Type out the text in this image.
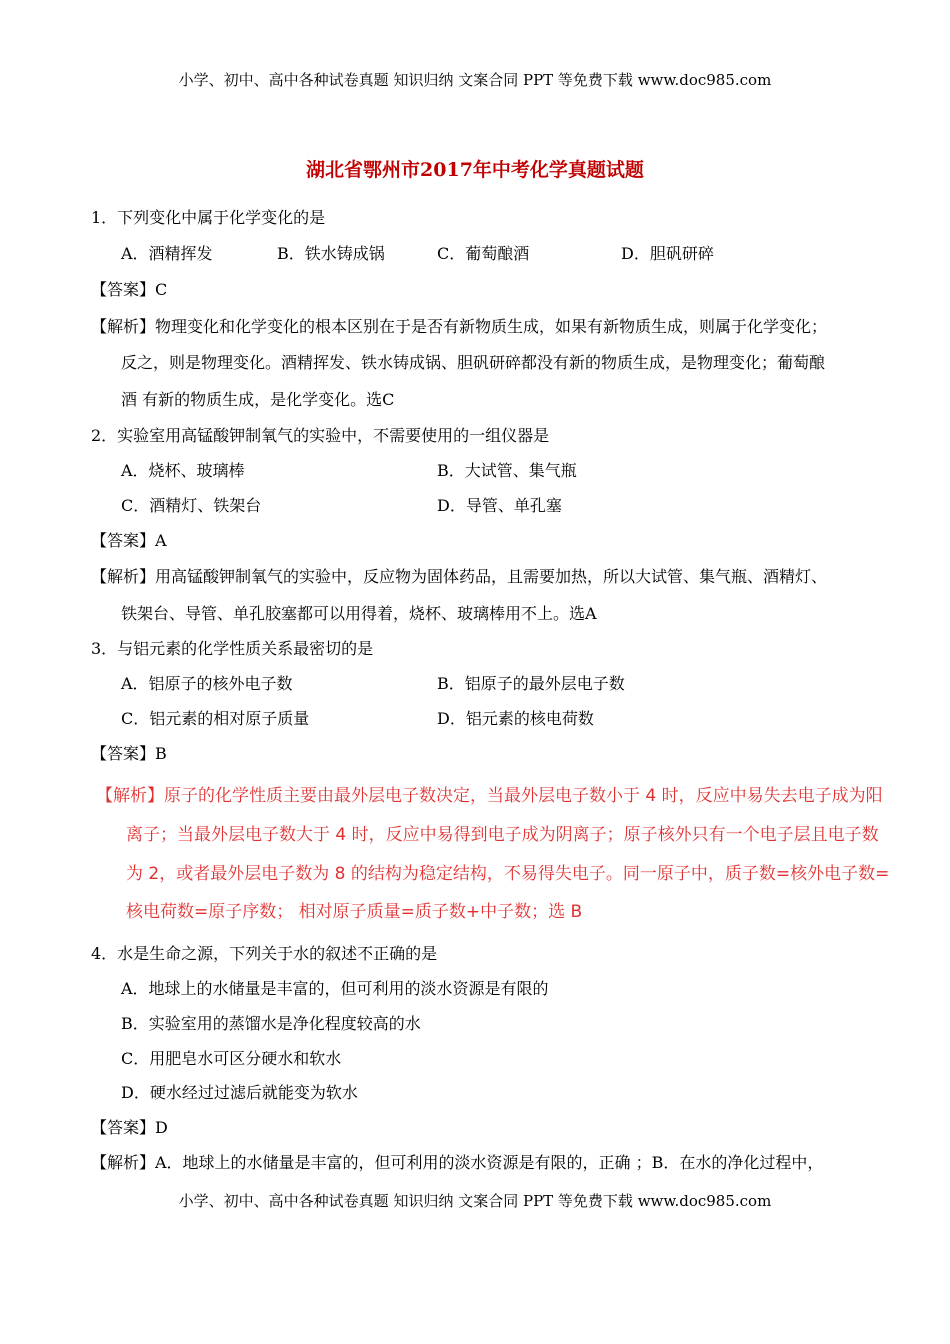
小学、初中、高中各种试卷真题 知识归纳 文案合同 PPT 等免费下载 www.doc985.com
湖北省鄂州市2017年中考化学真题试题
1．下列变化中属于化学变化的是
A．酒精挥发	B．铁水铸成锅	C．葡萄酿酒	D．胆矾研碎
【答案】C
【解析】物理变化和化学变化的根本区别在于是否有新物质生成，如果有新物质生成，则属于化学变化；
反之，则是物理变化。酒精挥发、铁水铸成锅、胆矾研碎都没有新的物质生成，是物理变化；葡萄酿
酒 有新的物质生成，是化学变化。选C
2．实验室用高锰酸钾制氧气的实验中，不需要使用的一组仪器是
A．烧杯、玻璃棒	B．大试管、集气瓶
C．酒精灯、铁架台	D．导管、单孔塞
【答案】A
【解析】用高锰酸钾制氧气的实验中，反应物为固体药品，且需要加热，所以大试管、集气瓶、酒精灯、
铁架台、导管、单孔胶塞都可以用得着，烧杯、玻璃棒用不上。选A
3．与铝元素的化学性质关系最密切的是
A．铝原子的核外电子数	B．铝原子的最外层电子数
C．铝元素的相对原子质量	D．铝元素的核电荷数
【答案】B
【解析】原子的化学性质主要由最外层电子数决定，当最外层电子数小于 4 时，反应中易失去电子成为阳
离子；当最外层电子数大于 4 时，反应中易得到电子成为阴离子；原子核外只有一个电子层且电子数
为 2，或者最外层电子数为 8 的结构为稳定结构，不易得失电子。同一原子中，质子数=核外电子数=
核电荷数=原子序数； 相对原子质量=质子数+中子数；选 B
4．水是生命之源，下列关于水的叙述不正确的是
A．地球上的水储量是丰富的，但可利用的淡水资源是有限的
B．实验室用的蒸馏水是净化程度较高的水
C．用肥皂水可区分硬水和软水
D．硬水经过过滤后就能变为软水
【答案】D
【解析】A．地球上的水储量是丰富的，但可利用的淡水资源是有限的，正确 ；B．在水的净化过程中，
小学、初中、高中各种试卷真题 知识归纳 文案合同 PPT 等免费下载 www.doc985.com
